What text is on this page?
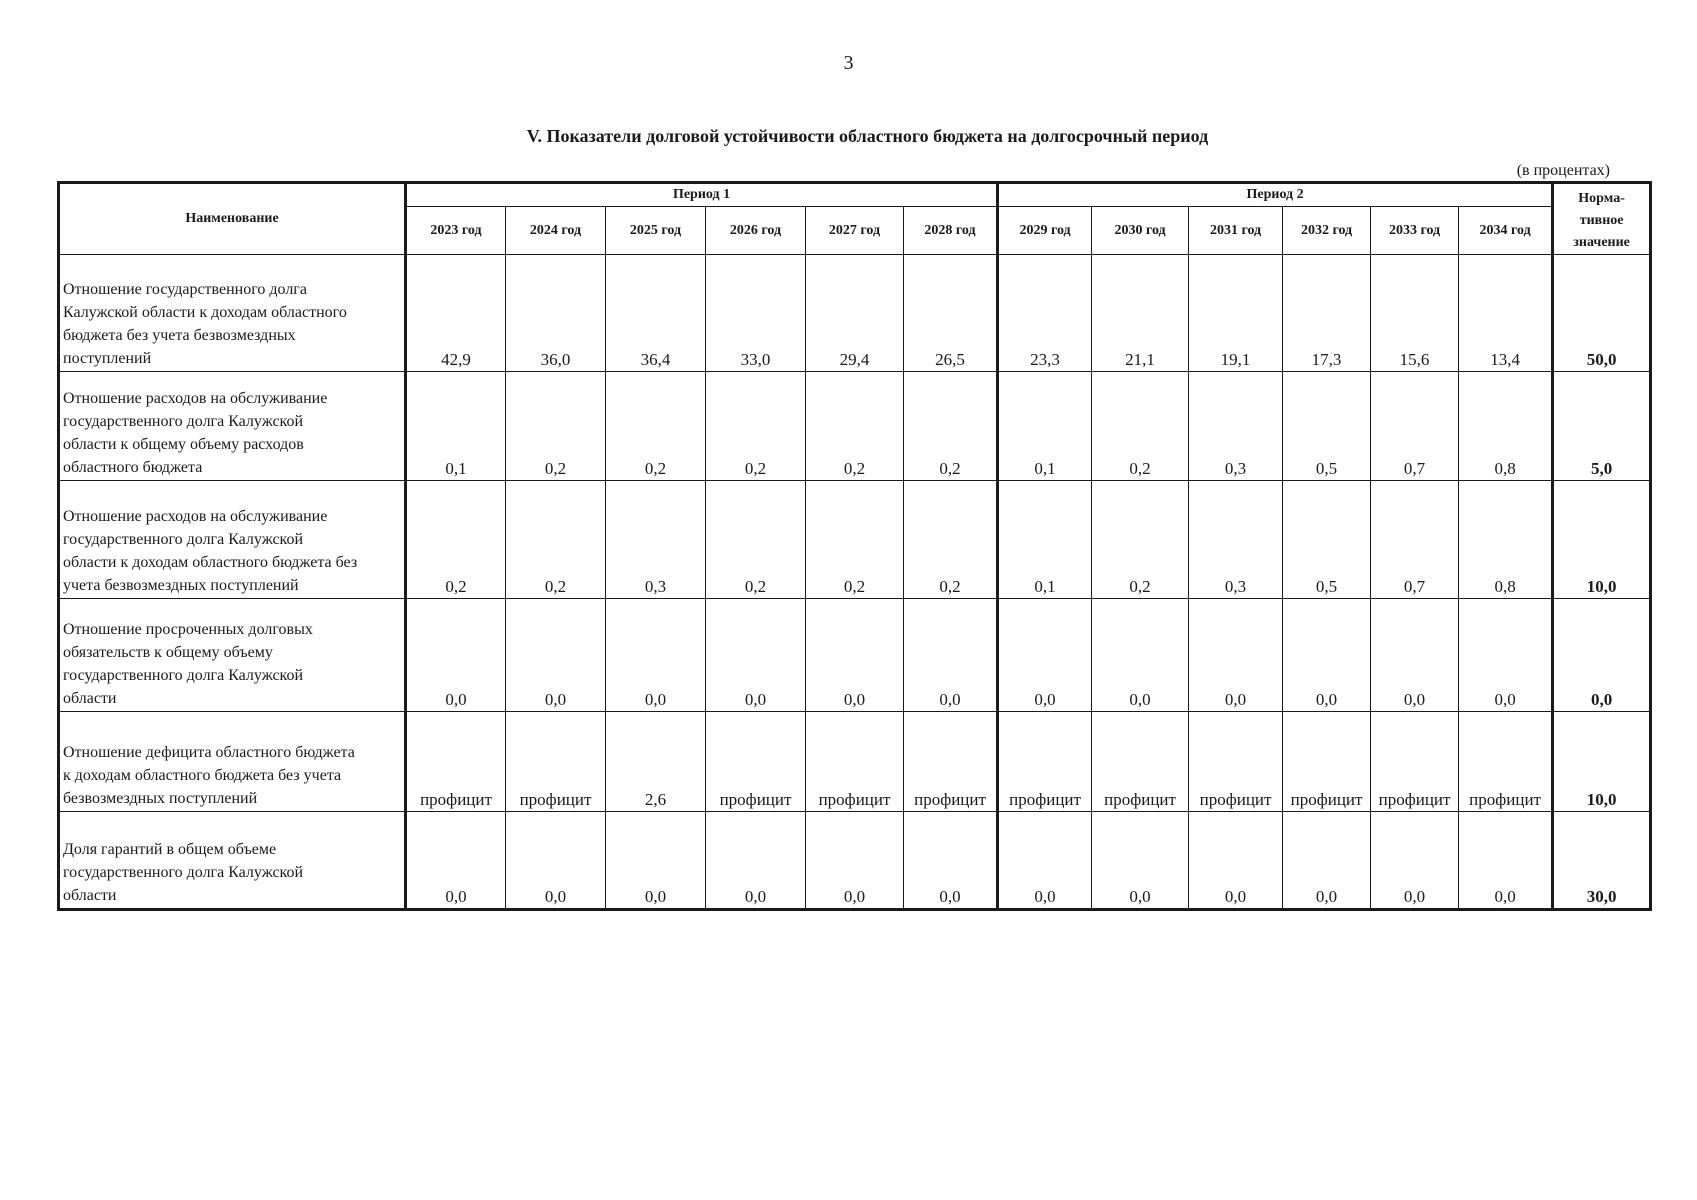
3
V. Показатели долговой устойчивости областного бюджета на долгосрочный период
(в процентах)
Наименование	Период 1						Период 2						Норма-
тивное
значение
	2023 год	2024 год	2025 год	2026 год	2027 год	2028 год	2029 год	2030 год	2031 год	2032 год	2033 год	2034 год	

Отношение государственного долга
Калужской области к доходам областного
бюджета без учета безвозмездных
поступлений	42,9	36,0	36,4	33,0	29,4	26,5	23,3	21,1	19,1	17,3	15,6	13,4	50,0

Отношение расходов на обслуживание
государственного долга Калужской
области к общему объему расходов
областного бюджета	0,1	0,2	0,2	0,2	0,2	0,2	0,1	0,2	0,3	0,5	0,7	0,8	5,0

Отношение расходов на обслуживание
государственного долга Калужской
области к доходам областного бюджета без
учета безвозмездных поступлений	0,2	0,2	0,3	0,2	0,2	0,2	0,1	0,2	0,3	0,5	0,7	0,8	10,0

Отношение просроченных долговых
обязательств к общему объему
государственного долга Калужской
области	0,0	0,0	0,0	0,0	0,0	0,0	0,0	0,0	0,0	0,0	0,0	0,0	0,0

Отношение дефицита областного бюджета
к доходам областного бюджета без учета
безвозмездных поступлений	профицит	профицит	2,6	профицит	профицит	профицит	профицит	профицит	профицит	профицит	профицит	профицит	10,0

Доля гарантий в общем объеме
государственного долга Калужской
области	0,0	0,0	0,0	0,0	0,0	0,0	0,0	0,0	0,0	0,0	0,0	0,0	30,0
